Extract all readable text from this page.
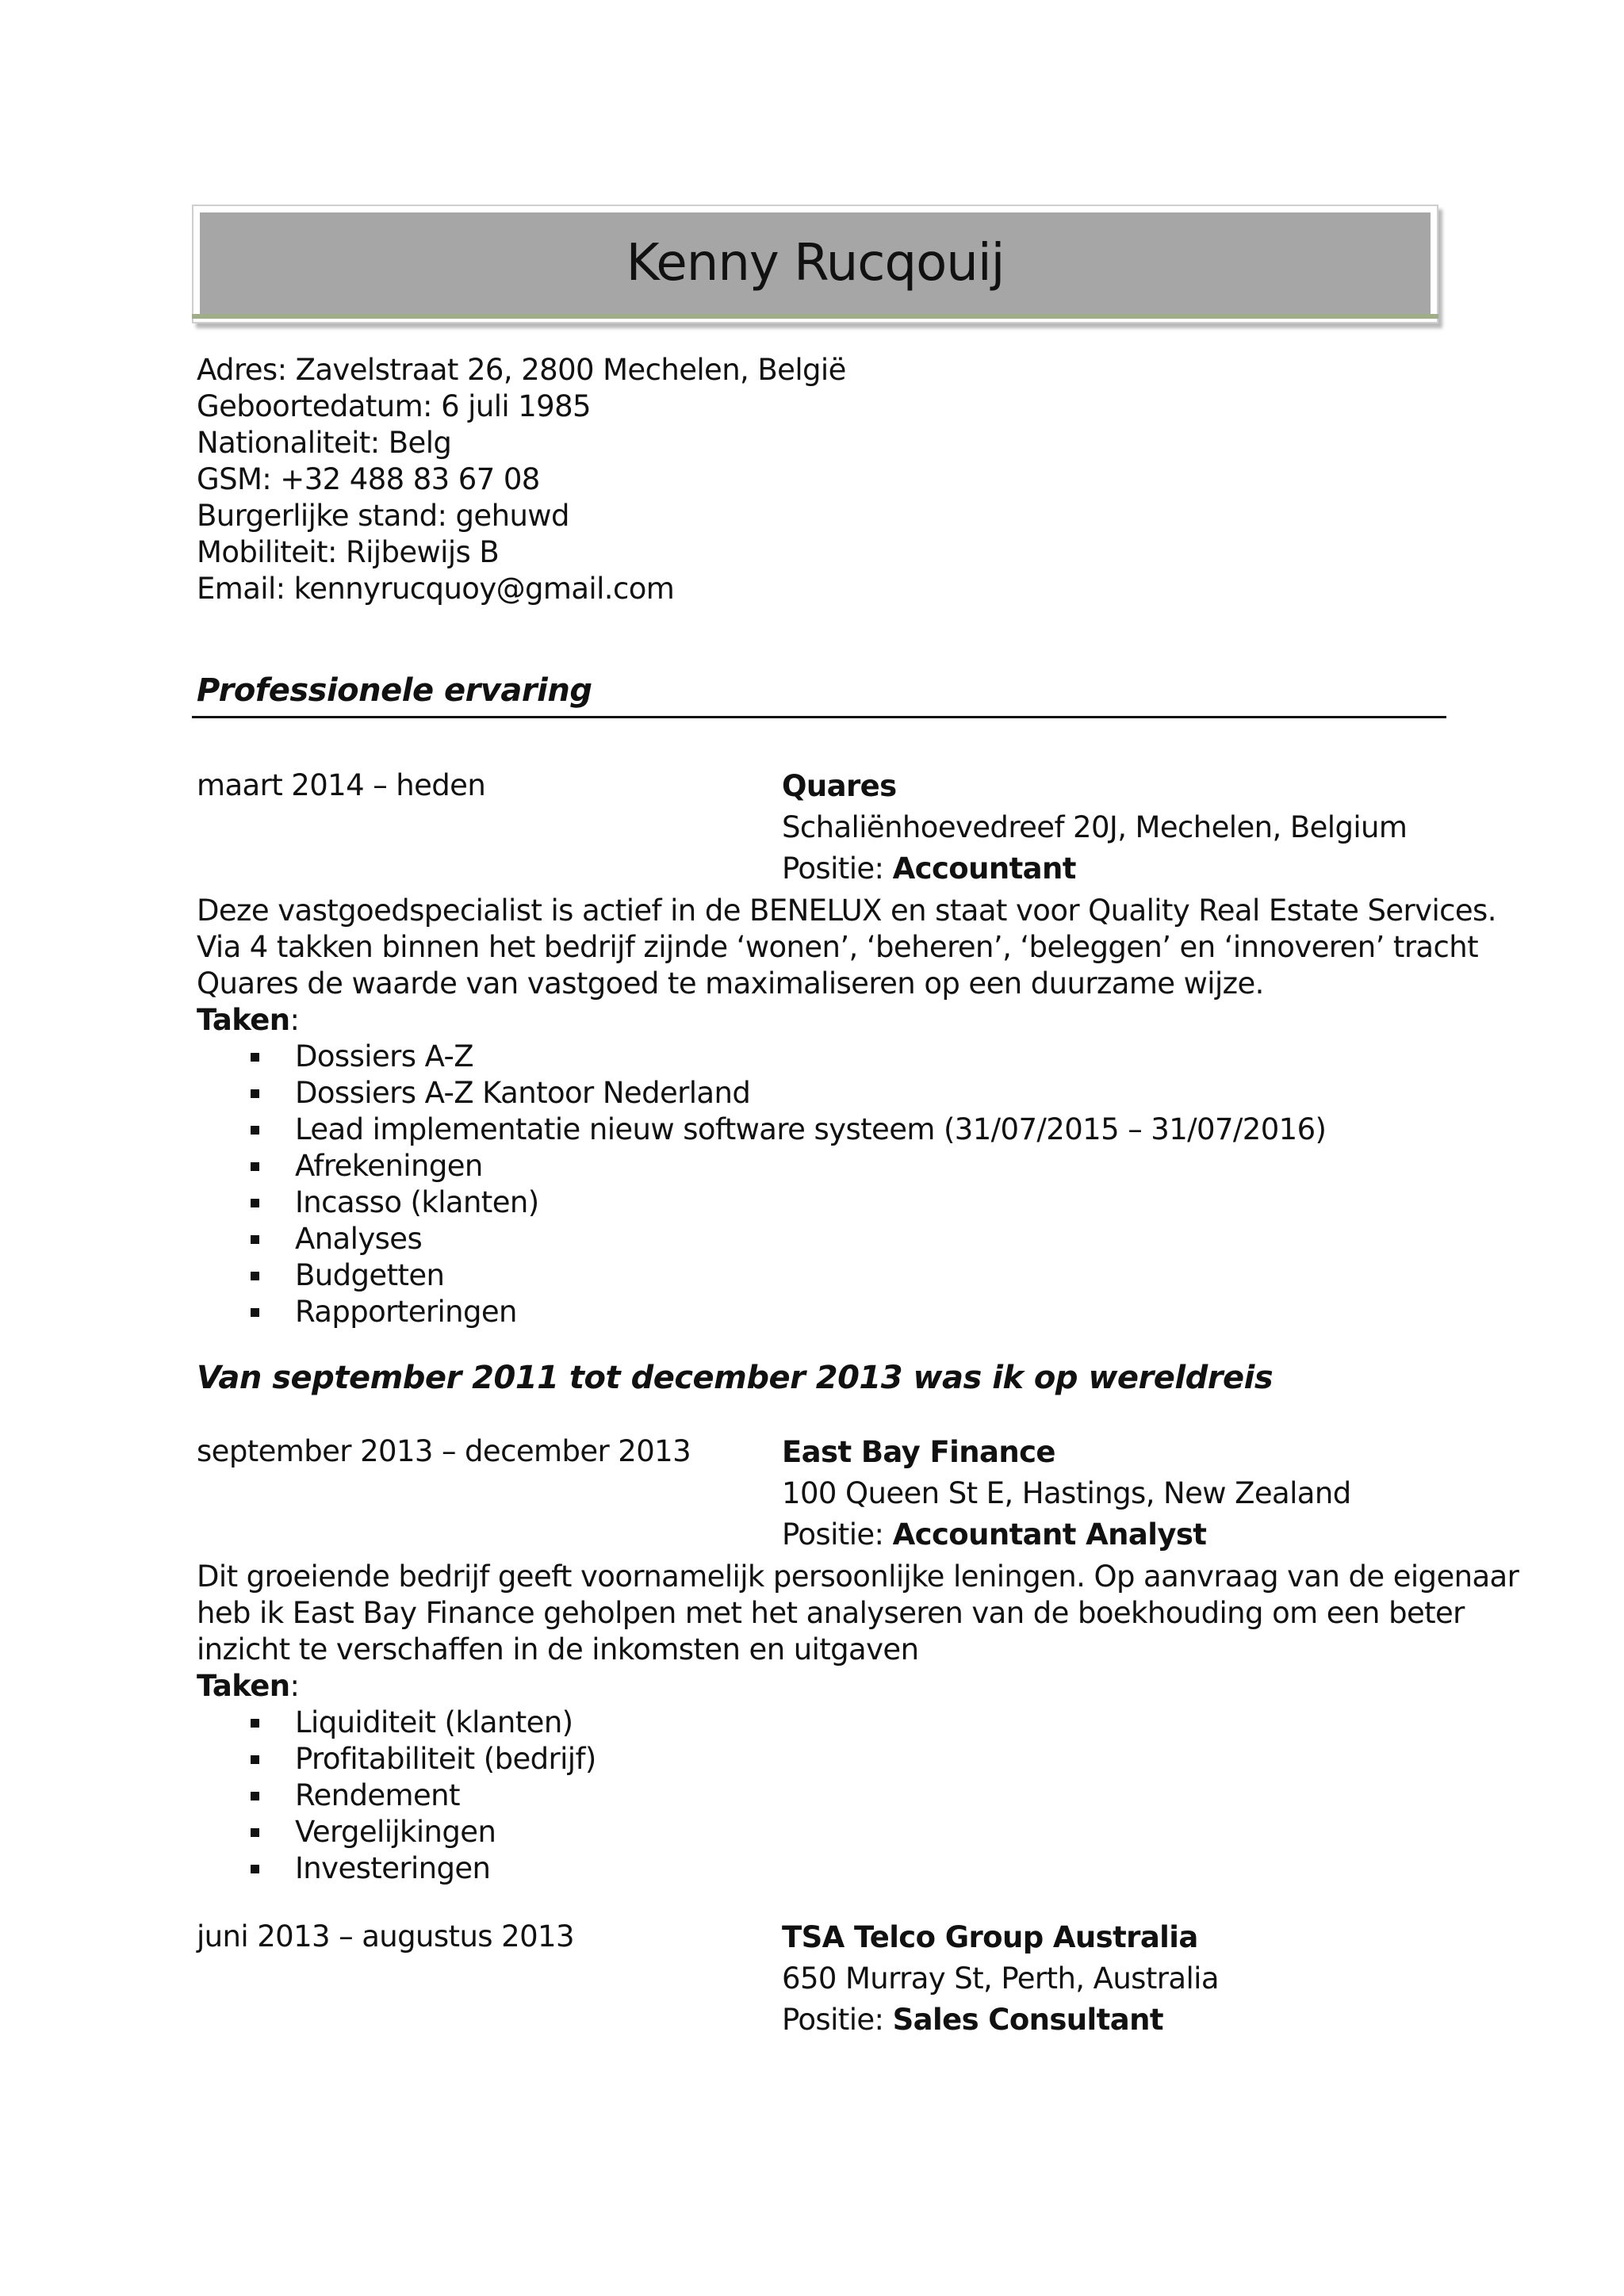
Kenny Rucqouij
Adres: Zavelstraat 26, 2800 Mechelen, België
Geboortedatum: 6 juli 1985
Nationaliteit: Belg
GSM: +32 488 83 67 08
Burgerlijke stand: gehuwd
Mobiliteit: Rijbewijs B
Email: kennyrucquoy@gmail.com
Professionele ervaring
maart 2014 – heden	Quares
Schaliënhoevedreef 20J, Mechelen, Belgium
Positie: Accountant
Deze vastgoedspecialist is actief in de BENELUX en staat voor Quality Real Estate Services.
Via 4 takken binnen het bedrijf zijnde ‘wonen’, ‘beheren’, ‘beleggen’ en ‘innoveren’ tracht
Quares de waarde van vastgoed te maximaliseren op een duurzame wijze.
Taken:
Dossiers A-Z
Dossiers A-Z Kantoor Nederland
Lead implementatie nieuw software systeem (31/07/2015 – 31/07/2016)
Afrekeningen
Incasso (klanten)
Analyses
Budgetten
Rapporteringen
Van september 2011 tot december 2013 was ik op wereldreis
september 2013 – december 2013	East Bay Finance
100 Queen St E, Hastings, New Zealand
Positie: Accountant Analyst
Dit groeiende bedrijf geeft voornamelijk persoonlijke leningen. Op aanvraag van de eigenaar
heb ik East Bay Finance geholpen met het analyseren van de boekhouding om een beter
inzicht te verschaffen in de inkomsten en uitgaven
Taken:
Liquiditeit (klanten)
Profitabiliteit (bedrijf)
Rendement
Vergelijkingen
Investeringen
juni 2013 – augustus 2013	TSA Telco Group Australia
650 Murray St, Perth, Australia
Positie: Sales Consultant
